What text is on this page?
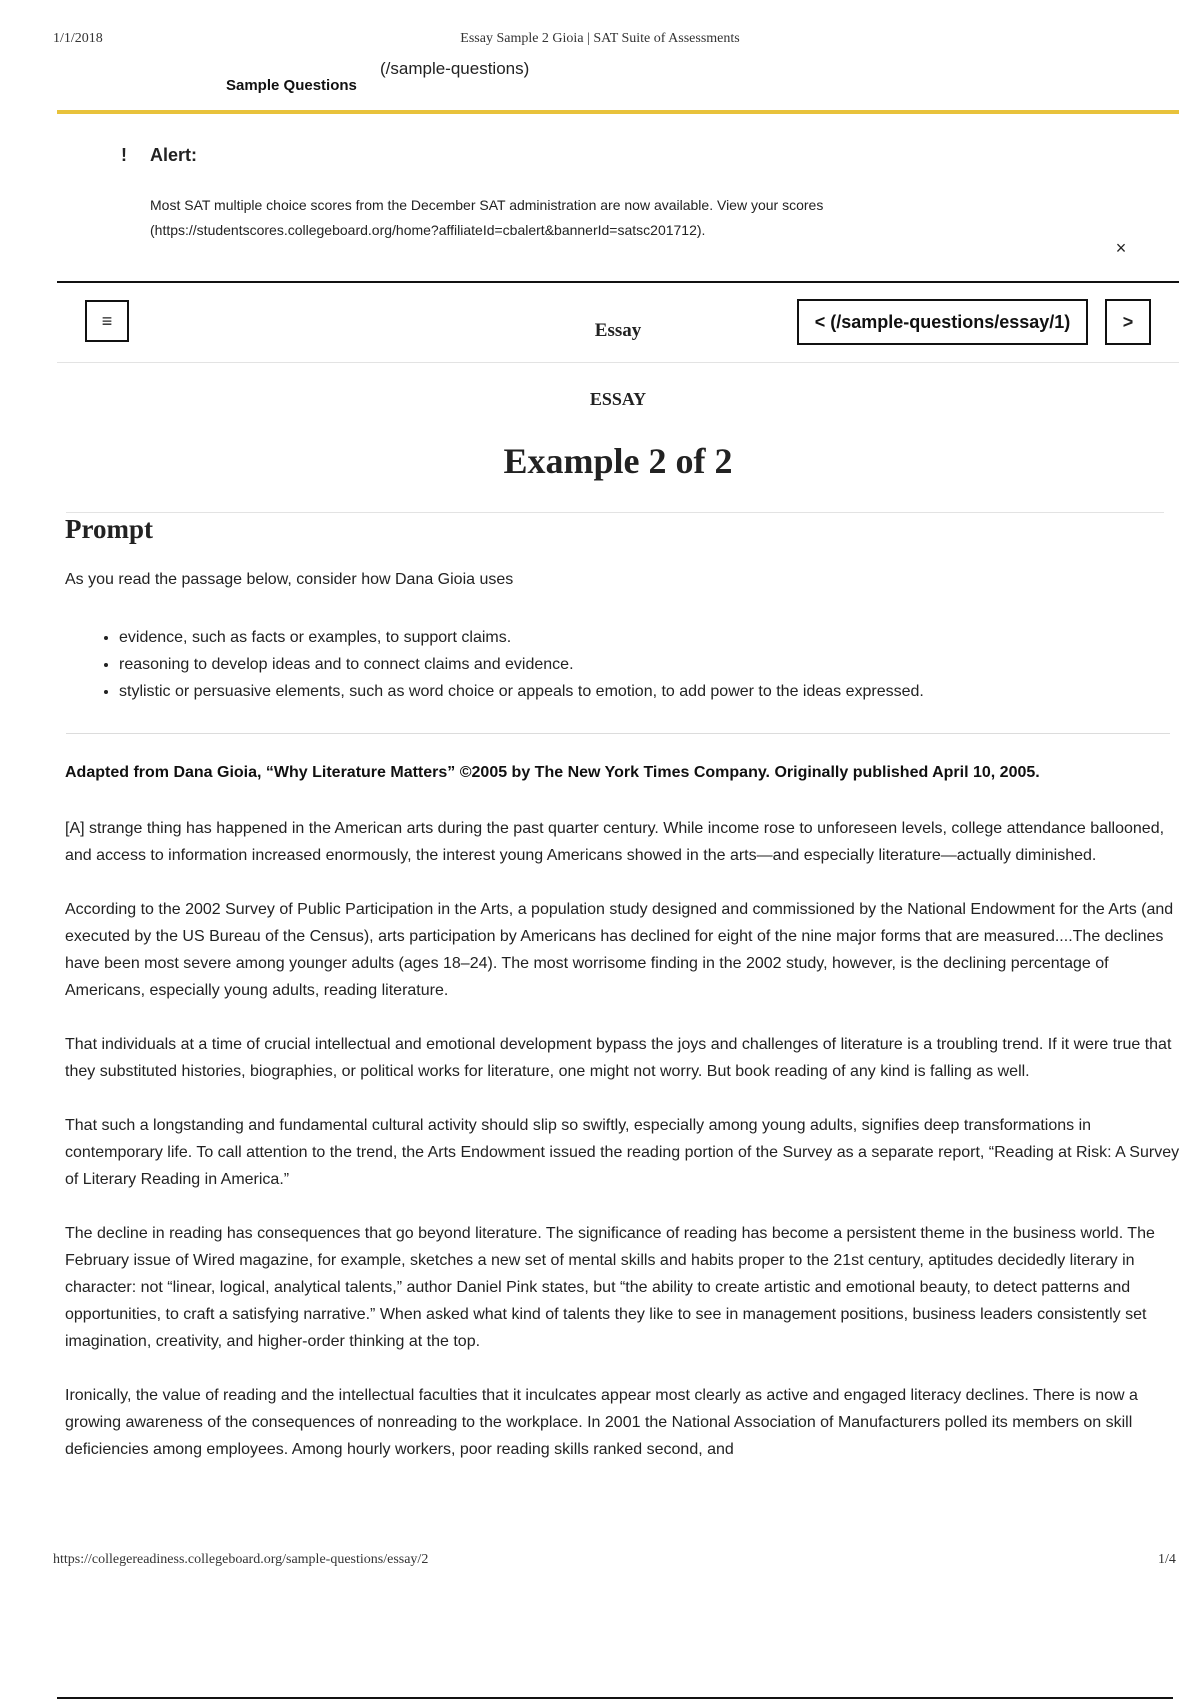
1/1/2018	Essay Sample 2 Gioia | SAT Suite of Assessments
(/sample-questions)
Sample Questions
! Alert:
Most SAT multiple choice scores from the December SAT administration are now available. View your scores (https://studentscores.collegeboard.org/home?affiliateId=cbalert&bannerId=satsc201712).
×
≡	Essay	< (/sample-questions/essay/1)	>
ESSAY
Example 2 of 2
Prompt
As you read the passage below, consider how Dana Gioia uses
• evidence, such as facts or examples, to support claims.
• reasoning to develop ideas and to connect claims and evidence.
• stylistic or persuasive elements, such as word choice or appeals to emotion, to add power to the ideas expressed.
Adapted from Dana Gioia, “Why Literature Matters” ©2005 by The New York Times Company. Originally published April 10, 2005.

[A] strange thing has happened in the American arts during the past quarter century. While income rose to unforeseen levels, college attendance ballooned, and access to information increased enormously, the interest young Americans showed in the arts—and especially literature—actually diminished.

According to the 2002 Survey of Public Participation in the Arts, a population study designed and commissioned by the National Endowment for the Arts (and executed by the US Bureau of the Census), arts participation by Americans has declined for eight of the nine major forms that are measured....The declines have been most severe among younger adults (ages 18–24). The most worrisome finding in the 2002 study, however, is the declining percentage of Americans, especially young adults, reading literature.

That individuals at a time of crucial intellectual and emotional development bypass the joys and challenges of literature is a troubling trend. If it were true that they substituted histories, biographies, or political works for literature, one might not worry. But book reading of any kind is falling as well.

That such a longstanding and fundamental cultural activity should slip so swiftly, especially among young adults, signifies deep transformations in contemporary life. To call attention to the trend, the Arts Endowment issued the reading portion of the Survey as a separate report, “Reading at Risk: A Survey of Literary Reading in America.”

The decline in reading has consequences that go beyond literature. The significance of reading has become a persistent theme in the business world. The February issue of Wired magazine, for example, sketches a new set of mental skills and habits proper to the 21st century, aptitudes decidedly literary in character: not “linear, logical, analytical talents,” author Daniel Pink states, but “the ability to create artistic and emotional beauty, to detect patterns and opportunities, to craft a satisfying narrative.” When asked what kind of talents they like to see in management positions, business leaders consistently set imagination, creativity, and higher-order thinking at the top.

Ironically, the value of reading and the intellectual faculties that it inculcates appear most clearly as active and engaged literacy declines. There is now a growing awareness of the consequences of nonreading to the workplace. In 2001 the National Association of Manufacturers polled its members on skill deficiencies among employees. Among hourly workers, poor reading skills ranked second, and

https://collegereadiness.collegeboard.org/sample-questions/essay/2	1/4
